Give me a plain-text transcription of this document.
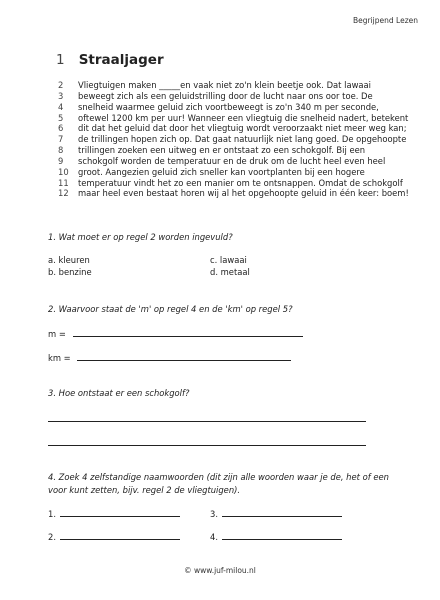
Begrijpend Lezen
1 Straaljager
2 Vliegtuigen maken _____en vaak niet zo'n klein beetje ook. Dat lawaai
3 beweegt zich als een geluidstrilling door de lucht naar ons oor toe. De
4 snelheid waarmee geluid zich voortbeweegt is zo'n 340 m per seconde,
5 oftewel 1200 km per uur! Wanneer een vliegtuig die snelheid nadert, betekent
6 dit dat het geluid dat door het vliegtuig wordt veroorzaakt niet meer weg kan;
7 de trillingen hopen zich op. Dat gaat natuurlijk niet lang goed. De opgehoopte
8 trillingen zoeken een uitweg en er ontstaat zo een schokgolf. Bij een
9 schokgolf worden de temperatuur en de druk om de lucht heel even heel
10 groot. Aangezien geluid zich sneller kan voortplanten bij een hogere
11 temperatuur vindt het zo een manier om te ontsnappen. Omdat de schokgolf
12 maar heel even bestaat horen wij al het opgehoopte geluid in één keer: boem!
1. Wat moet er op regel 2 worden ingevuld?
a. kleuren	c. lawaai
b. benzine	d. metaal
2. Waarvoor staat de 'm' op regel 4 en de 'km' op regel 5?
m =
km =
3. Hoe ontstaat er een schokgolf?
4. Zoek 4 zelfstandige naamwoorden (dit zijn alle woorden waar je de, het of een
voor kunt zetten, bijv. regel 2 de vliegtuigen).
1.	3.
2.	4.
© www.juf-milou.nl
